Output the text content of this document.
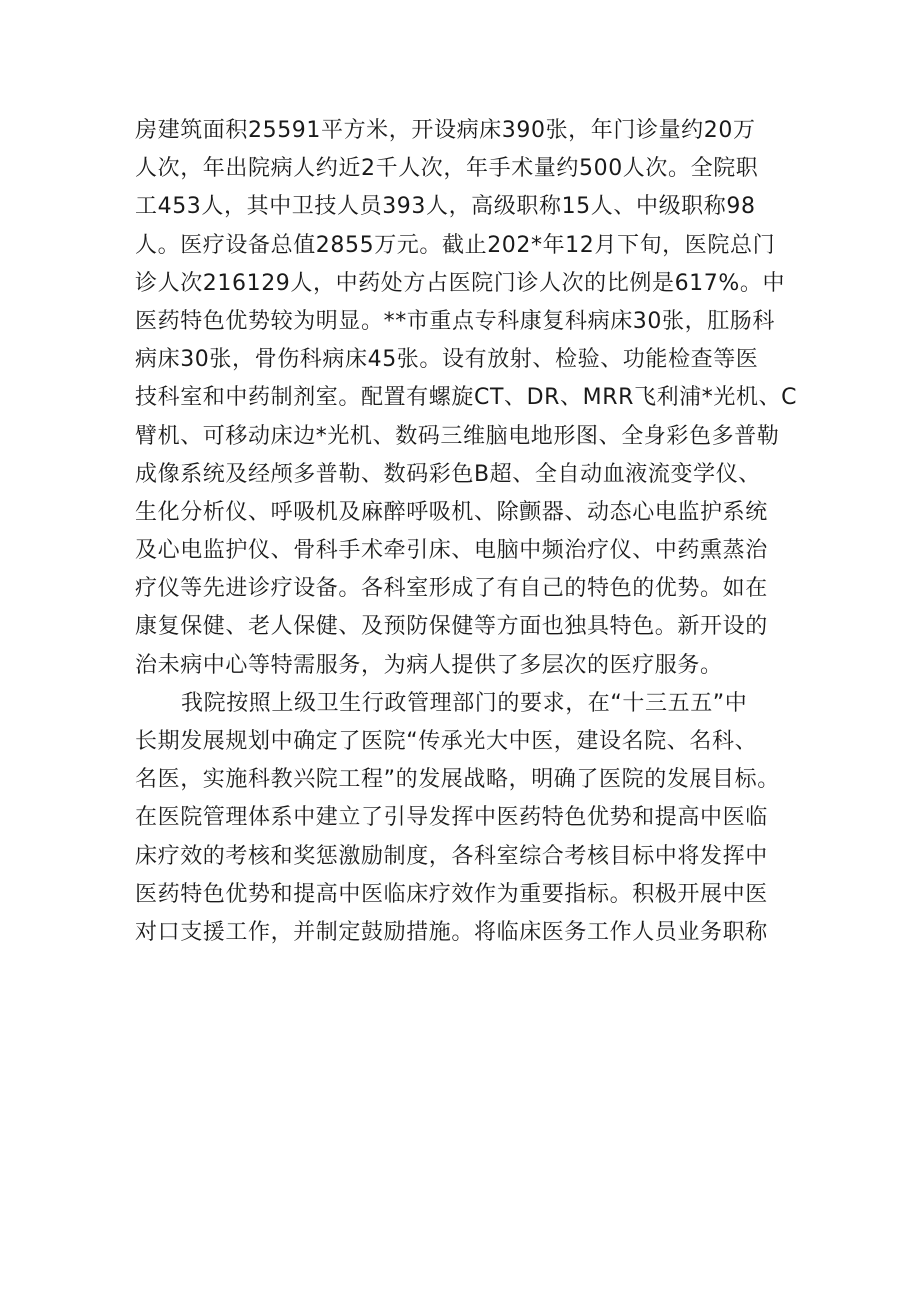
房建筑面积25591平方米，开设病床390张，年门诊量约20万
人次，年出院病人约近2千人次，年手术量约500人次。全院职
工453人，其中卫技人员393人，高级职称15人、中级职称98
人。医疗设备总值2855万元。截止202*年12月下旬，医院总门
诊人次216129人，中药处方占医院门诊人次的比例是617%。中
医药特色优势较为明显。**市重点专科康复科病床30张，肛肠科
病床30张，骨伤科病床45张。设有放射、检验、功能检查等医
技科室和中药制剂室。配置有螺旋CT、DR、MRR飞利浦*光机、C
臂机、可移动床边*光机、数码三维脑电地形图、全身彩色多普勒
成像系统及经颅多普勒、数码彩色B超、全自动血液流变学仪、
生化分析仪、呼吸机及麻醉呼吸机、除颤器、动态心电监护系统
及心电监护仪、骨科手术牵引床、电脑中频治疗仪、中药熏蒸治
疗仪等先进诊疗设备。各科室形成了有自己的特色的优势。如在
康复保健、老人保健、及预防保健等方面也独具特色。新开设的
治未病中心等特需服务，为病人提供了多层次的医疗服务。
我院按照上级卫生行政管理部门的要求，在“十三五五”中
长期发展规划中确定了医院“传承光大中医，建设名院、名科、
名医，实施科教兴院工程”的发展战略，明确了医院的发展目标。
在医院管理体系中建立了引导发挥中医药特色优势和提高中医临
床疗效的考核和奖惩激励制度，各科室综合考核目标中将发挥中
医药特色优势和提高中医临床疗效作为重要指标。积极开展中医
对口支援工作，并制定鼓励措施。将临床医务工作人员业务职称
